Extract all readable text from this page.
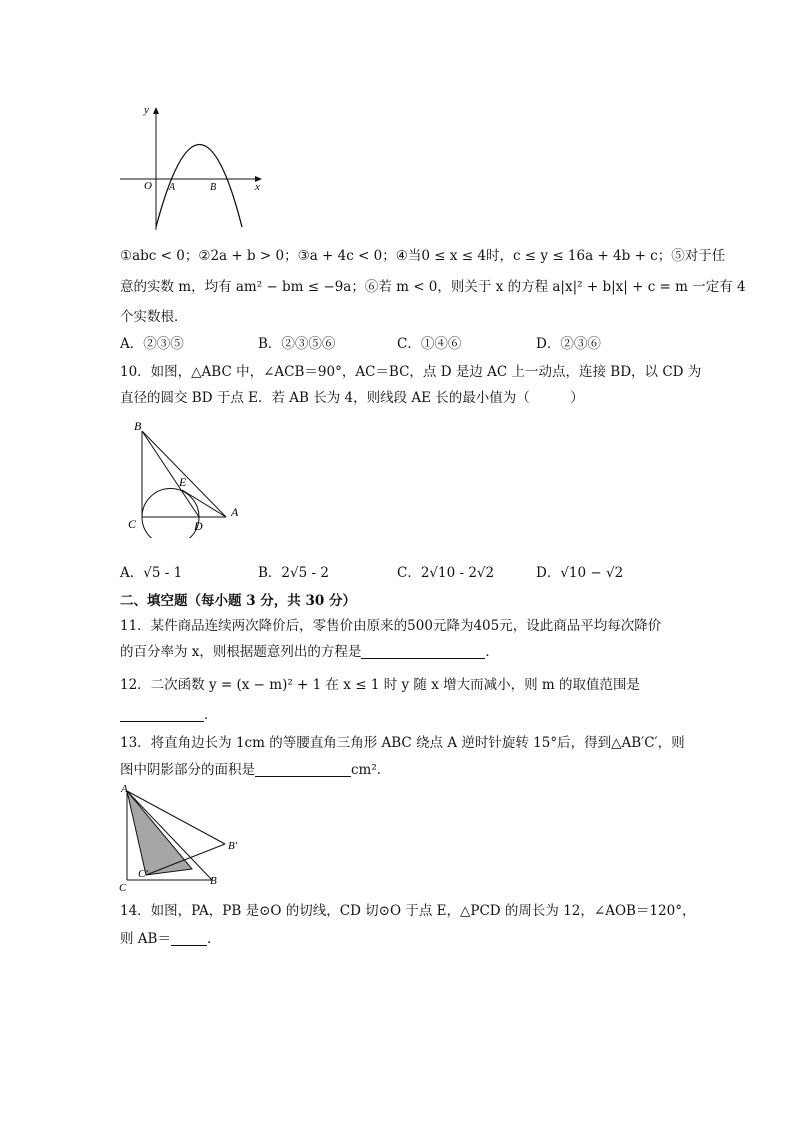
y
x
O A	B
①abc < 0；②2a + b > 0；③a + 4c < 0；④当0 ≤ x ≤ 4时，c ≤ y ≤ 16a + 4b + c；⑤对于任
意的实数 m，均有 am² − bm ≤ −9a；⑥若 m < 0，则关于 x 的方程 a|x|² + b|x| + c = m 一定有 4
个实数根．
A．②③⑤	B．②③⑤⑥	C．①④⑥	D．②③⑥
10．如图，△ABC 中，∠ACB＝90°，AC＝BC，点 D 是边 AC 上一动点，连接 BD，以 CD 为
直径的圆交 BD 于点 E．若 AB 长为 4，则线段 AE 长的最小值为（　　　）
B
E
C	D
A
A．√5 - 1	B．2√5 - 2	C．2√10 - 2√2	D．√10 − √2
二、填空题（每小题 3 分，共 30 分）
11．某件商品连续两次降价后，零售价由原来的500元降为405元，设此商品平均每次降价
的百分率为 x，则根据题意列出的方程是	．
12．二次函数 y = (x − m)² + 1 在 x ≤ 1 时 y 随 x 增大而减小，则 m 的取值范围是
．
13．将直角边长为 1cm 的等腰直角三角形 ABC 绕点 A 逆时针旋转 15°后，得到△AB′C′，则
图中阴影部分的面积是	cm²．
A
B′
C′
C
B
14．如图，PA，PB 是⊙O 的切线，CD 切⊙O 于点 E，△PCD 的周长为 12，∠AOB＝120°，
则 AB＝	．
